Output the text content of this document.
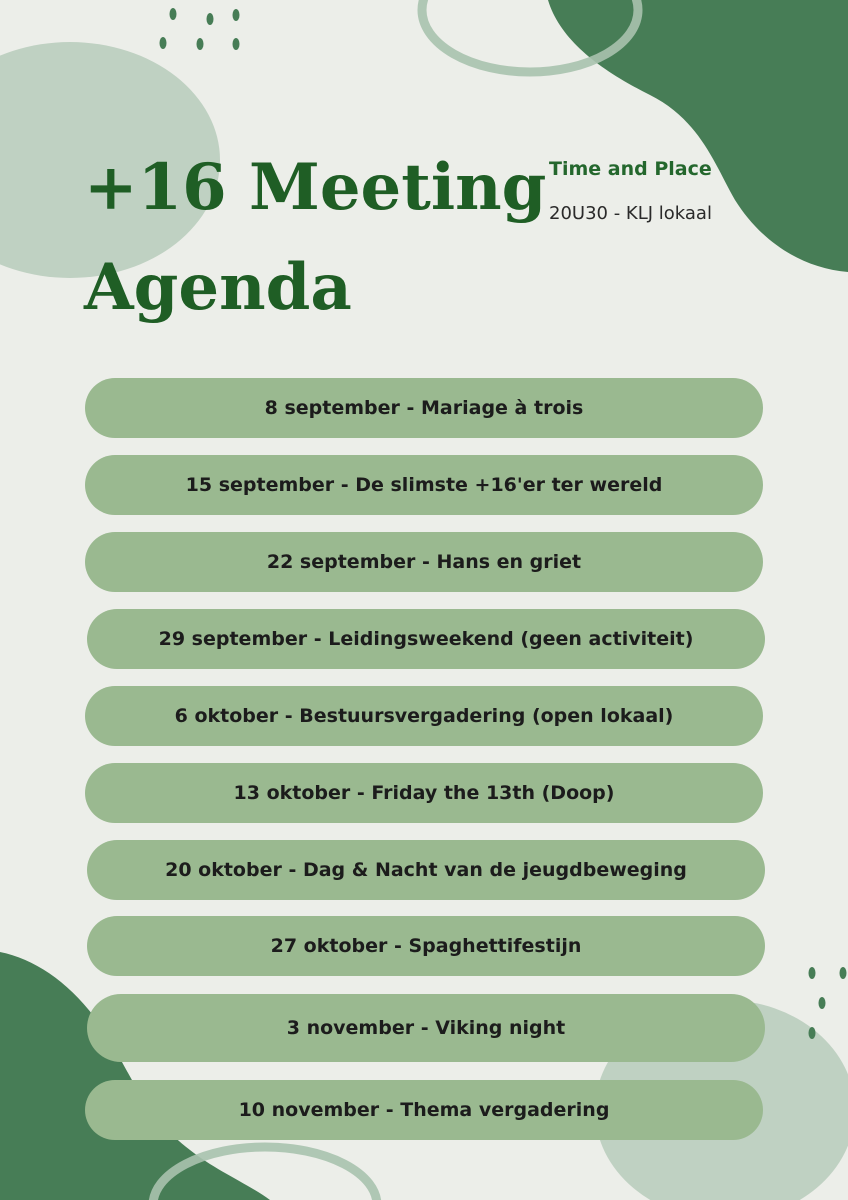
+16 Meeting
Agenda
Time and Place
20U30 - KLJ lokaal
8 september - Mariage à trois
15 september - De slimste +16'er ter wereld
22 september - Hans en griet
29 september - Leidingsweekend (geen activiteit)
6 oktober - Bestuursvergadering (open lokaal)
13 oktober - Friday the 13th (Doop)
20 oktober - Dag & Nacht van de jeugdbeweging
27 oktober - Spaghettifestijn
3 november - Viking night
10 november - Thema vergadering
